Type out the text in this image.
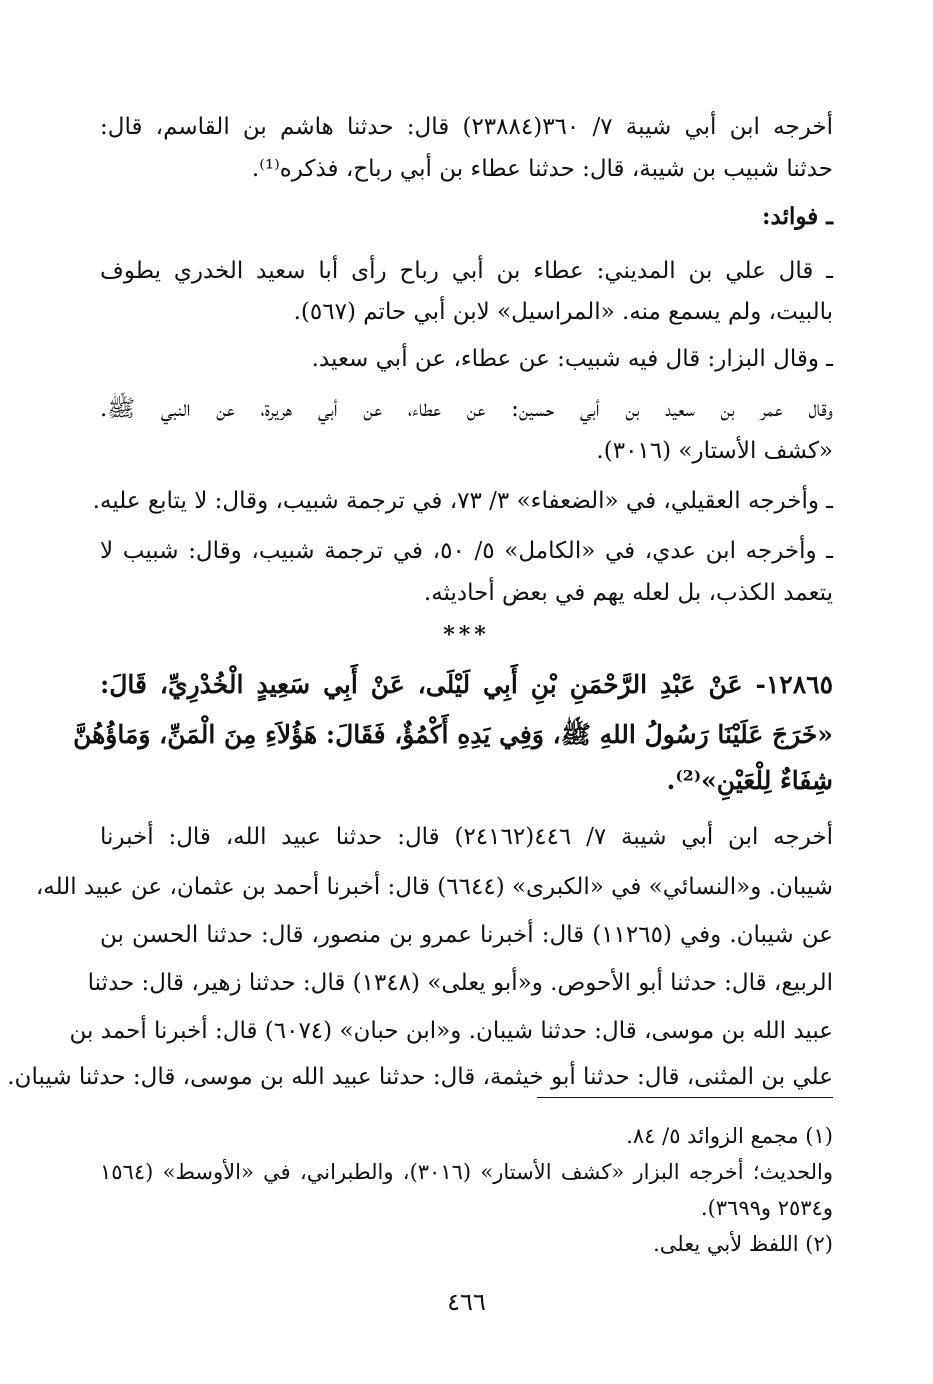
أخرجه ابن أبي شيبة ٧/ ٣٦٠(٢٣٨٨٤) قال: حدثنا هاشم بن القاسم، قال:
حدثنا شبيب بن شيبة، قال: حدثنا عطاء بن أبي رباح، فذكره⁽¹⁾.
ـ فوائد:
ـ قال علي بن المديني: عطاء بن أبي رباح رأى أبا سعيد الخدري يطوف
بالبيت، ولم يسمع منه. «المراسيل» لابن أبي حاتم (٥٦٧).
ـ وقال البزار: قال فيه شبيب: عن عطاء، عن أبي سعيد.
وقال عمر بن سعيد بن أبي حسين: عن عطاء، عن أبي هريرة، عن النبي ﷺ.
«كشف الأستار» (٣٠١٦).
ـ وأخرجه العقيلي، في «الضعفاء» ٣/ ٧٣، في ترجمة شبيب، وقال: لا يتابع عليه.
ـ وأخرجه ابن عدي، في «الكامل» ٥/ ٥٠، في ترجمة شبيب، وقال: شبيب لا
يتعمد الكذب، بل لعله يهم في بعض أحاديثه.
***
١٢٨٦٥- عَنْ عَبْدِ الرَّحْمَنِ بْنِ أَبِي لَيْلَى، عَنْ أَبِي سَعِيدٍ الْخُدْرِيِّ، قَالَ:
«خَرَجَ عَلَيْنَا رَسُولُ اللهِ ﷺ، وَفِي يَدِهِ أَكْمُؤٌ، فَقَالَ: هَؤُلاَءِ مِنَ الْمَنِّ، وَمَاؤُهُنَّ
شِفَاءٌ لِلْعَيْنِ»⁽²⁾.
أخرجه ابن أبي شيبة ٧/ ٤٤٦(٢٤١٦٢) قال: حدثنا عبيد الله، قال: أخبرنا
شيبان. و«النسائي» في «الكبرى» (٦٦٤٤) قال: أخبرنا أحمد بن عثمان، عن عبيد الله،
عن شيبان. وفي (١١٢٦٥) قال: أخبرنا عمرو بن منصور، قال: حدثنا الحسن بن
الربيع، قال: حدثنا أبو الأحوص. و«أبو يعلى» (١٣٤٨) قال: حدثنا زهير، قال: حدثنا
عبيد الله بن موسى، قال: حدثنا شيبان. و«ابن حبان» (٦٠٧٤) قال: أخبرنا أحمد بن
علي بن المثنى، قال: حدثنا أبو خيثمة، قال: حدثنا عبيد الله بن موسى، قال: حدثنا شيبان.
(١) مجمع الزوائد ٥/ ٨٤.
والحديث؛ أخرجه البزار «كشف الأستار» (٣٠١٦)، والطبراني، في «الأوسط» (١٥٦٤
و٢٥٣٤ و٣٦٩٩).
(٢) اللفظ لأبي يعلى.
٤٦٦
